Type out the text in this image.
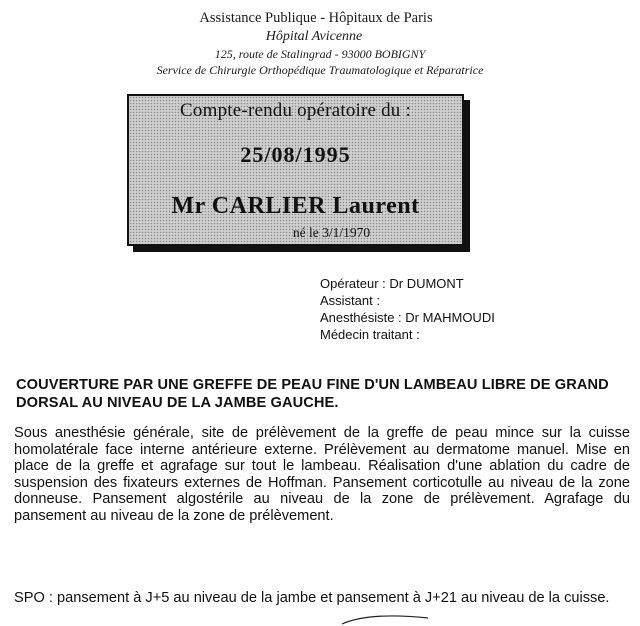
Assistance Publique - Hôpitaux de Paris
Hôpital Avicenne
125, route de Stalingrad - 93000 BOBIGNY
Service de Chirurgie Orthopédique Traumatologique et Réparatrice
Compte-rendu opératoire du :
25/08/1995
Mr CARLIER Laurent
né le 3/1/1970
Opérateur : Dr DUMONT
Assistant :
Anesthésiste : Dr MAHMOUDI
Médecin traitant :
COUVERTURE PAR UNE GREFFE DE PEAU FINE D'UN LAMBEAU LIBRE DE GRAND DORSAL AU NIVEAU DE LA JAMBE GAUCHE.
Sous anesthésie générale, site de prélèvement de la greffe de peau mince sur la cuisse homolatérale face interne antérieure externe. Prélèvement au dermatome manuel. Mise en place de la greffe et agrafage sur tout le lambeau. Réalisation d'une ablation du cadre de suspension des fixateurs externes de Hoffman. Pansement corticotulle au niveau de la zone donneuse. Pansement algostérile au niveau de la zone de prélèvement. Agrafage du pansement au niveau de la zone de prélèvement.
SPO : pansement à J+5 au niveau de la jambe et pansement à J+21 au niveau de la cuisse.
